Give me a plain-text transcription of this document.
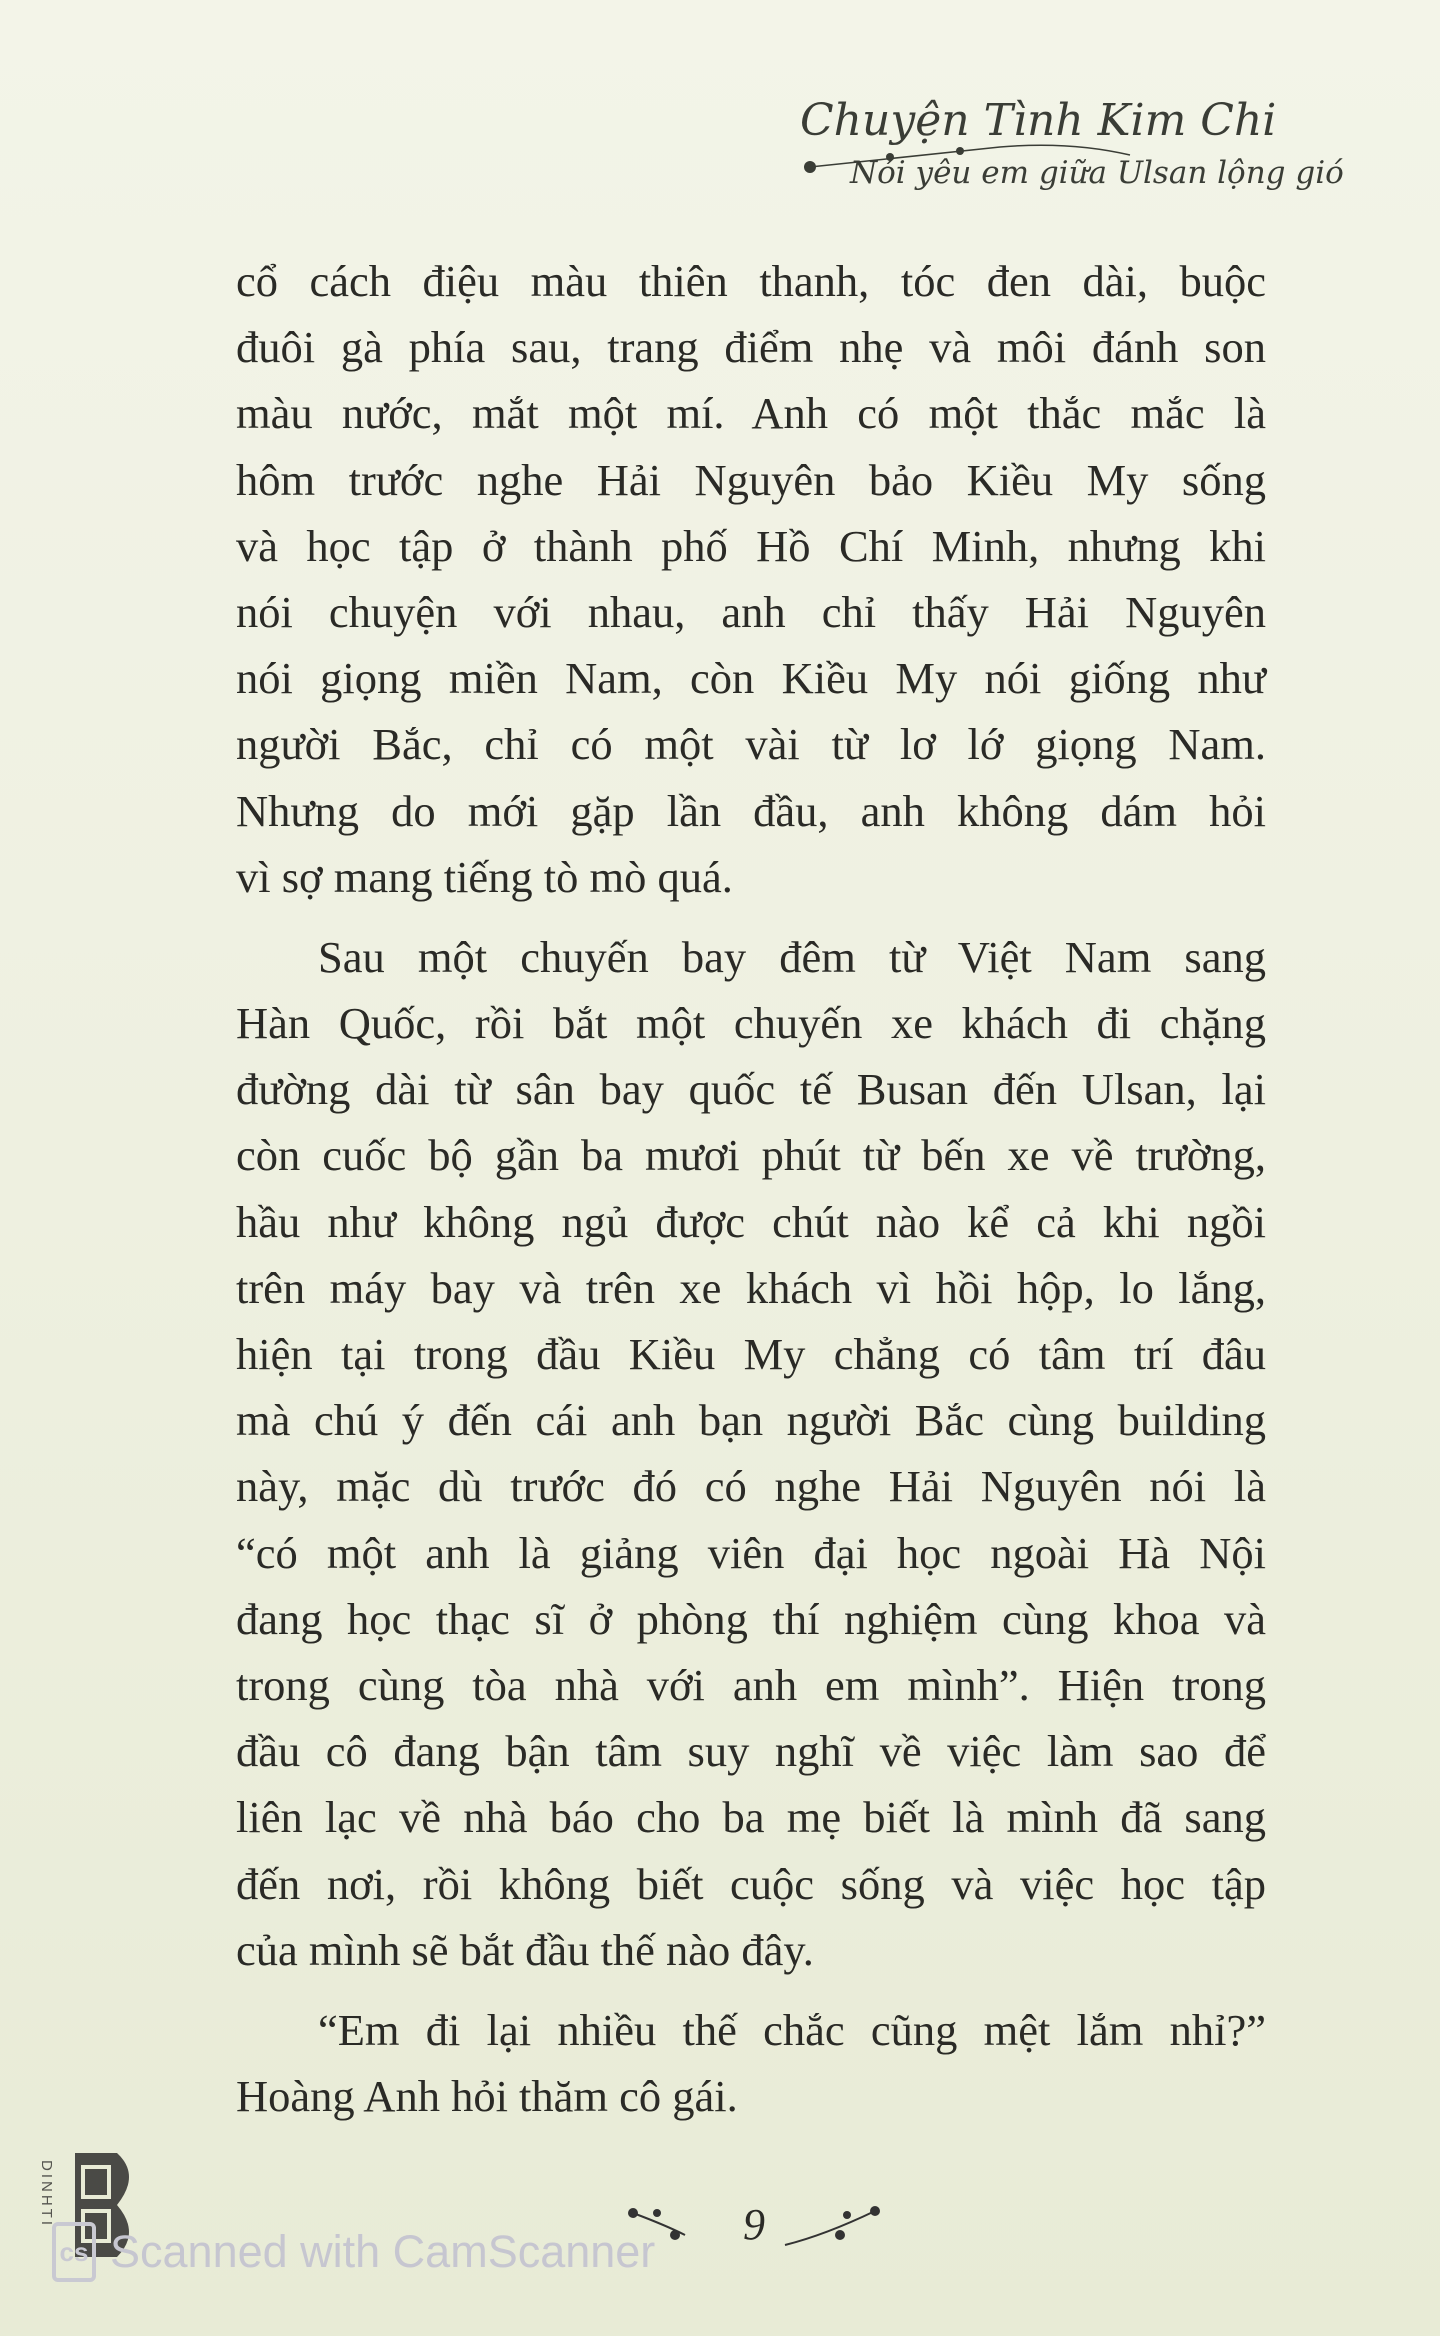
Chuyện Tình Kim Chi
Nói yêu em giữa Ulsan lộng gió
cổ cách điệu màu thiên thanh, tóc đen dài, buộc
đuôi gà phía sau, trang điểm nhẹ và môi đánh son
màu nước, mắt một mí. Anh có một thắc mắc là
hôm trước nghe Hải Nguyên bảo Kiều My sống
và học tập ở thành phố Hồ Chí Minh, nhưng khi
nói chuyện với nhau, anh chỉ thấy Hải Nguyên
nói giọng miền Nam, còn Kiều My nói giống như
người Bắc, chỉ có một vài từ lơ lớ giọng Nam.
Nhưng do mới gặp lần đầu, anh không dám hỏi
vì sợ mang tiếng tò mò quá.
Sau một chuyến bay đêm từ Việt Nam sang
Hàn Quốc, rồi bắt một chuyến xe khách đi chặng
đường dài từ sân bay quốc tế Busan đến Ulsan, lại
còn cuốc bộ gần ba mươi phút từ bến xe về trường,
hầu như không ngủ được chút nào kể cả khi ngồi
trên máy bay và trên xe khách vì hồi hộp, lo lắng,
hiện tại trong đầu Kiều My chẳng có tâm trí đâu
mà chú ý đến cái anh bạn người Bắc cùng building
này, mặc dù trước đó có nghe Hải Nguyên nói là
“có một anh là giảng viên đại học ngoài Hà Nội
đang học thạc sĩ ở phòng thí nghiệm cùng khoa và
trong cùng tòa nhà với anh em mình”. Hiện trong
đầu cô đang bận tâm suy nghĩ về việc làm sao để
liên lạc về nhà báo cho ba mẹ biết là mình đã sang
đến nơi, rồi không biết cuộc sống và việc học tập
của mình sẽ bắt đầu thế nào đây.
“Em đi lại nhiều thế chắc cũng mệt lắm nhỉ?”
Hoàng Anh hỏi thăm cô gái.
DINHTI	9
cs Scanned with CamScanner
